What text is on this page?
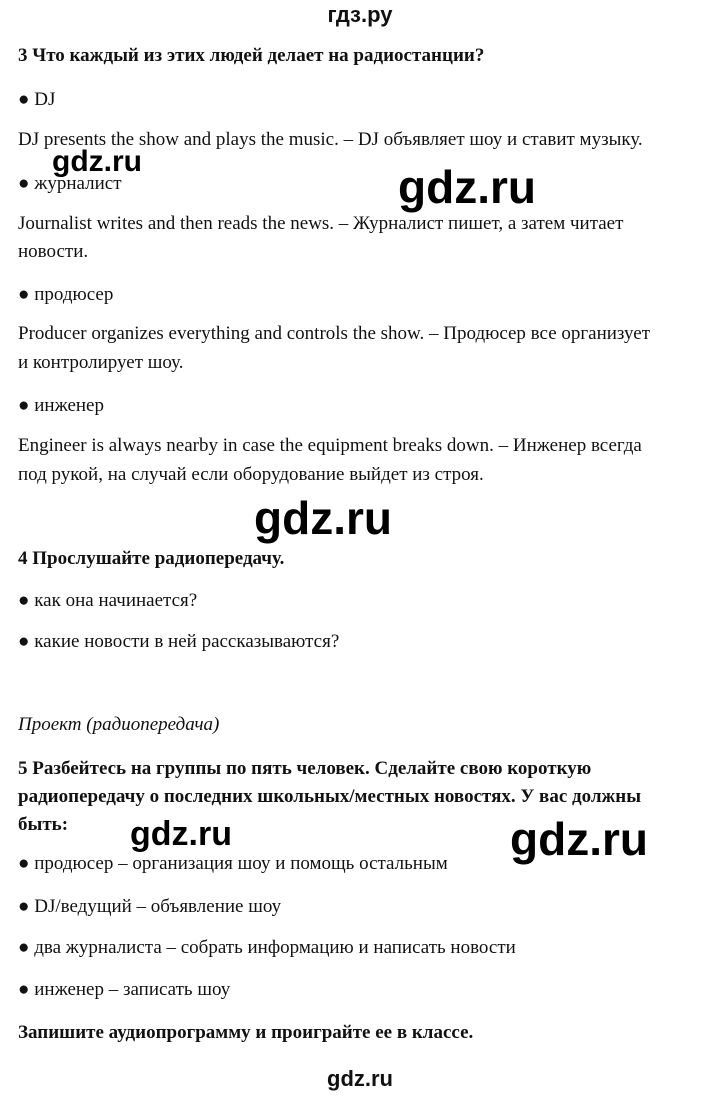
гдз.ру
3 Что каждый из этих людей делает на радиостанции?
● DJ
DJ presents the show and plays the music. – DJ объявляет шоу и ставит музыку.
gdz.ru	gdz.ru
● журналист
Journalist writes and then reads the news. – Журналист пишет, а затем читает
новости.
● продюсер
Producer organizes everything and controls the show. – Продюсер все организует
и контролирует шоу.
● инженер
Engineer is always nearby in case the equipment breaks down. – Инженер всегда
под рукой, на случай если оборудование выйдет из строя.
gdz.ru
4 Прослушайте радиопередачу.
● как она начинается?
● какие новости в ней рассказываются?
Проект (радиопередача)
5 Разбейтесь на группы по пять человек. Сделайте свою короткую
радиопередачу о последних школьных/местных новостях. У вас должны
быть: gdz.ru	gdz.ru
● продюсер – организация шоу и помощь остальным
● DJ/ведущий – объявление шоу
● два журналиста – собрать информацию и написать новости
● инженер – записать шоу
Запишите аудиопрограмму и проиграйте ее в классе.
gdz.ru
